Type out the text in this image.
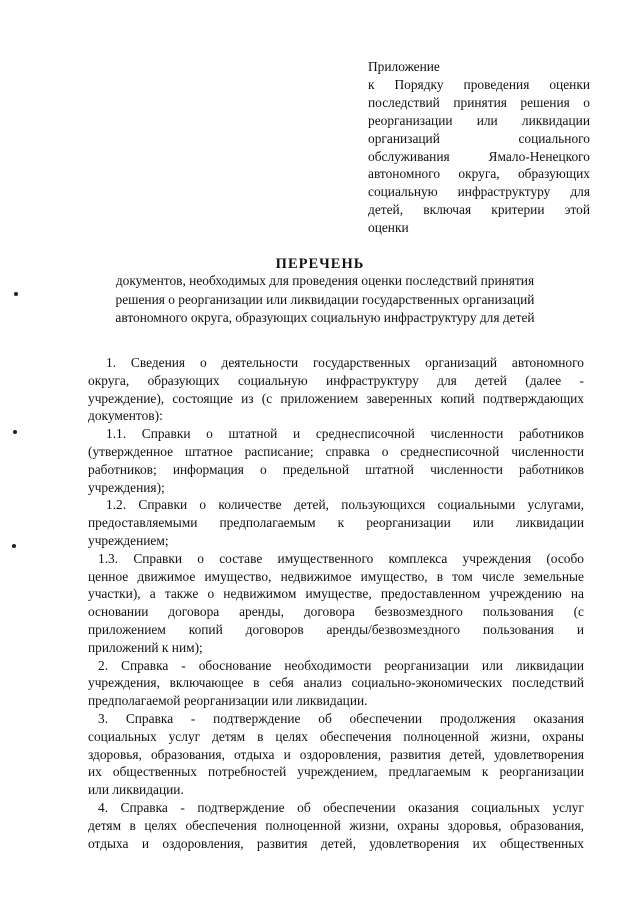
Приложение
к Порядку проведения оценки
последствий принятия решения о
реорганизации или ликвидации
организаций социального
обслуживания Ямало-Ненецкого
автономного округа, образующих
социальную инфраструктуру для
детей, включая критерии этой
оценки
ПЕРЕЧЕНЬ
документов, необходимых для проведения оценки последствий принятия
решения о реорганизации или ликвидации государственных организаций
автономного округа, образующих социальную инфраструктуру для детей
1. Сведения о деятельности государственных организаций автономного
округа, образующих социальную инфраструктуру для детей (далее -
учреждение), состоящие из (с приложением заверенных копий подтверждающих
документов):
1.1. Справки о штатной и среднесписочной численности работников
(утвержденное штатное расписание; справка о среднесписочной численности
работников; информация о предельной штатной численности работников
учреждения);
1.2. Справки о количестве детей, пользующихся социальными услугами,
предоставляемыми предполагаемым к реорганизации или ликвидации
учреждением;
1.3. Справки о составе имущественного комплекса учреждения (особо
ценное движимое имущество, недвижимое имущество, в том числе земельные
участки), а также о недвижимом имуществе, предоставленном учреждению на
основании договора аренды, договора безвозмездного пользования (с
приложением копий договоров аренды/безвозмездного пользования и
приложений к ним);
2. Справка - обоснование необходимости реорганизации или ликвидации
учреждения, включающее в себя анализ социально-экономических последствий
предполагаемой реорганизации или ликвидации.
3. Справка - подтверждение об обеспечении продолжения оказания
социальных услуг детям в целях обеспечения полноценной жизни, охраны
здоровья, образования, отдыха и оздоровления, развития детей, удовлетворения
их общественных потребностей учреждением, предлагаемым к реорганизации
или ликвидации.
4. Справка - подтверждение об обеспечении оказания социальных услуг
детям в целях обеспечения полноценной жизни, охраны здоровья, образования,
отдыха и оздоровления, развития детей, удовлетворения их общественных
